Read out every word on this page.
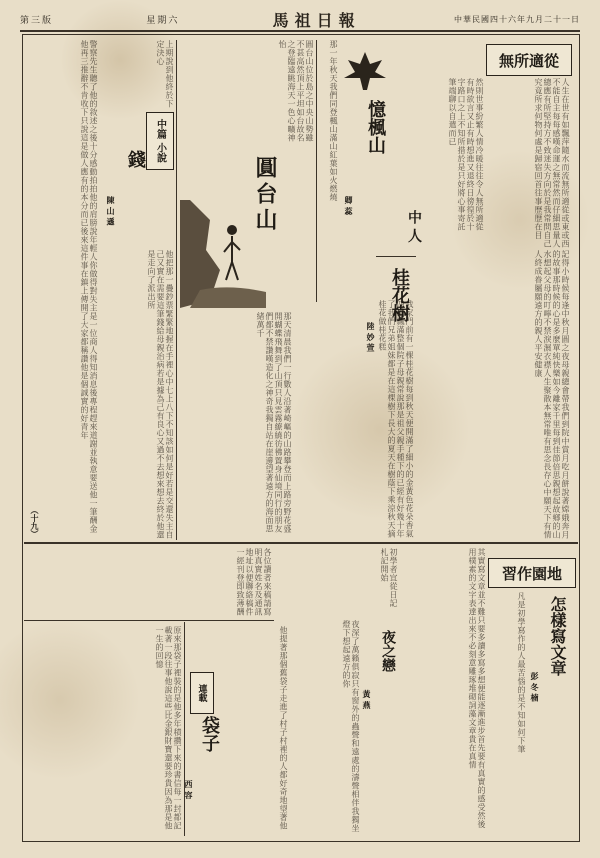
第三版	星期六	馬祖日報	中華民國四十六年九月二十一日
無所適從
人生在世有如飄萍隨水而流無所適從或東或西不能自主每每感嘆命運之無常然而仔細思量人總應有所堅持方不致迷失方向於是我常問自己究竟所求何物何處是歸宿回首往事歷歷在目
然則世事紛繁人情冷暖往往令人無所適從有時欲言又止有時想進又退終日徬徨於十字路口之上不知所措於是只好將心事寄託筆端聊以自遣而已
憶楓山
卿 蕊
中 人
那一年秋天我們同登楓山滿山紅葉如火燃燒
記得小時候每逢中秋月圓之夜母親總會帶我們到院中賞月吃月餅說著嫦娥奔月的故事那時候的心是多麼單純快樂如今離家千里每到佳節倍思親想起故鄉的山水想起父母的叮嚀不禁淚濕衣襟人生聚散本無常唯有思念長存心中願天下有情人終成眷屬願遠方的親人平安健康
桂花樹
陸 妙 萱	我家門前有一棵桂花樹每到秋天便開滿了細小的金黃色花朵香氣四溢飄滿整個院子母親常說那是祖父親手種下的已經有好幾十年了我們兄弟姐妹都是在這棵樹下長大的夏天在樹蔭下乘涼秋天摘桂花做桂花糕
圓台山
圓台山位於島之中央山勢雖不甚高然頂上平坦如台故名之登臨遠眺海天一色心曠神怡
那天清晨我們一行數人沿著崎嶇的山路攀登而上路旁野花盛開蝴蝶飛舞到了山頂只見雲霧繚繞彷彿置身仙境同行的朋友們都不禁讚嘆造化之神奇我獨自站在崖邊望著遠方的海面思緒萬千
中篇 小說
錢
陳 山 遜
上期說到他終於下定決心
他把那一疊鈔票緊緊地握在手裡心中七上八下不知該如何是好若是交還失主自己又實在需要這筆錢給母親治病若是據為己有良心又過不去想來想去終於他還是走向了派出所
警察先生聽了他的敘述之後十分感動拍拍他的肩膀說年輕人你做得對失主是一位商人得知消息後專程趕來道謝並執意要送他一筆酬金他再三推辭不肯收下只說這是做人應有的本分而已後來這件事在鎮上傳開了大家都稱讚他是個誠實的好青年
（十九）
習作園地
怎樣寫文章
彭 冬 楠
凡是初學寫作的人最苦惱的是不知如何下筆
其實寫文章並不難只要多讀多寫多想便能逐漸進步首先要有真實的感受然後用樸素的文字表達出來不必刻意雕琢堆砌詞藻文章貴在真情
初學者宜從日記札記開始
夜之戀
黃 燕
夜深了萬籟俱寂只有窗外的蟲聲和遠處的濤聲相伴我獨坐燈下想起遠方的你
各位讀者來稿請寫明真實姓名及通訊地址以便聯絡稿件一經刊登即致薄酬
連載
袋子
西 容	他提著那個舊袋子走進了村子村裡的人都好奇地望著他
原來那袋子裡裝的是他多年積攢下來的書信每一封都記載著一段往事他說這些比金銀財寶還要珍貴因為那是他一生的回憶
